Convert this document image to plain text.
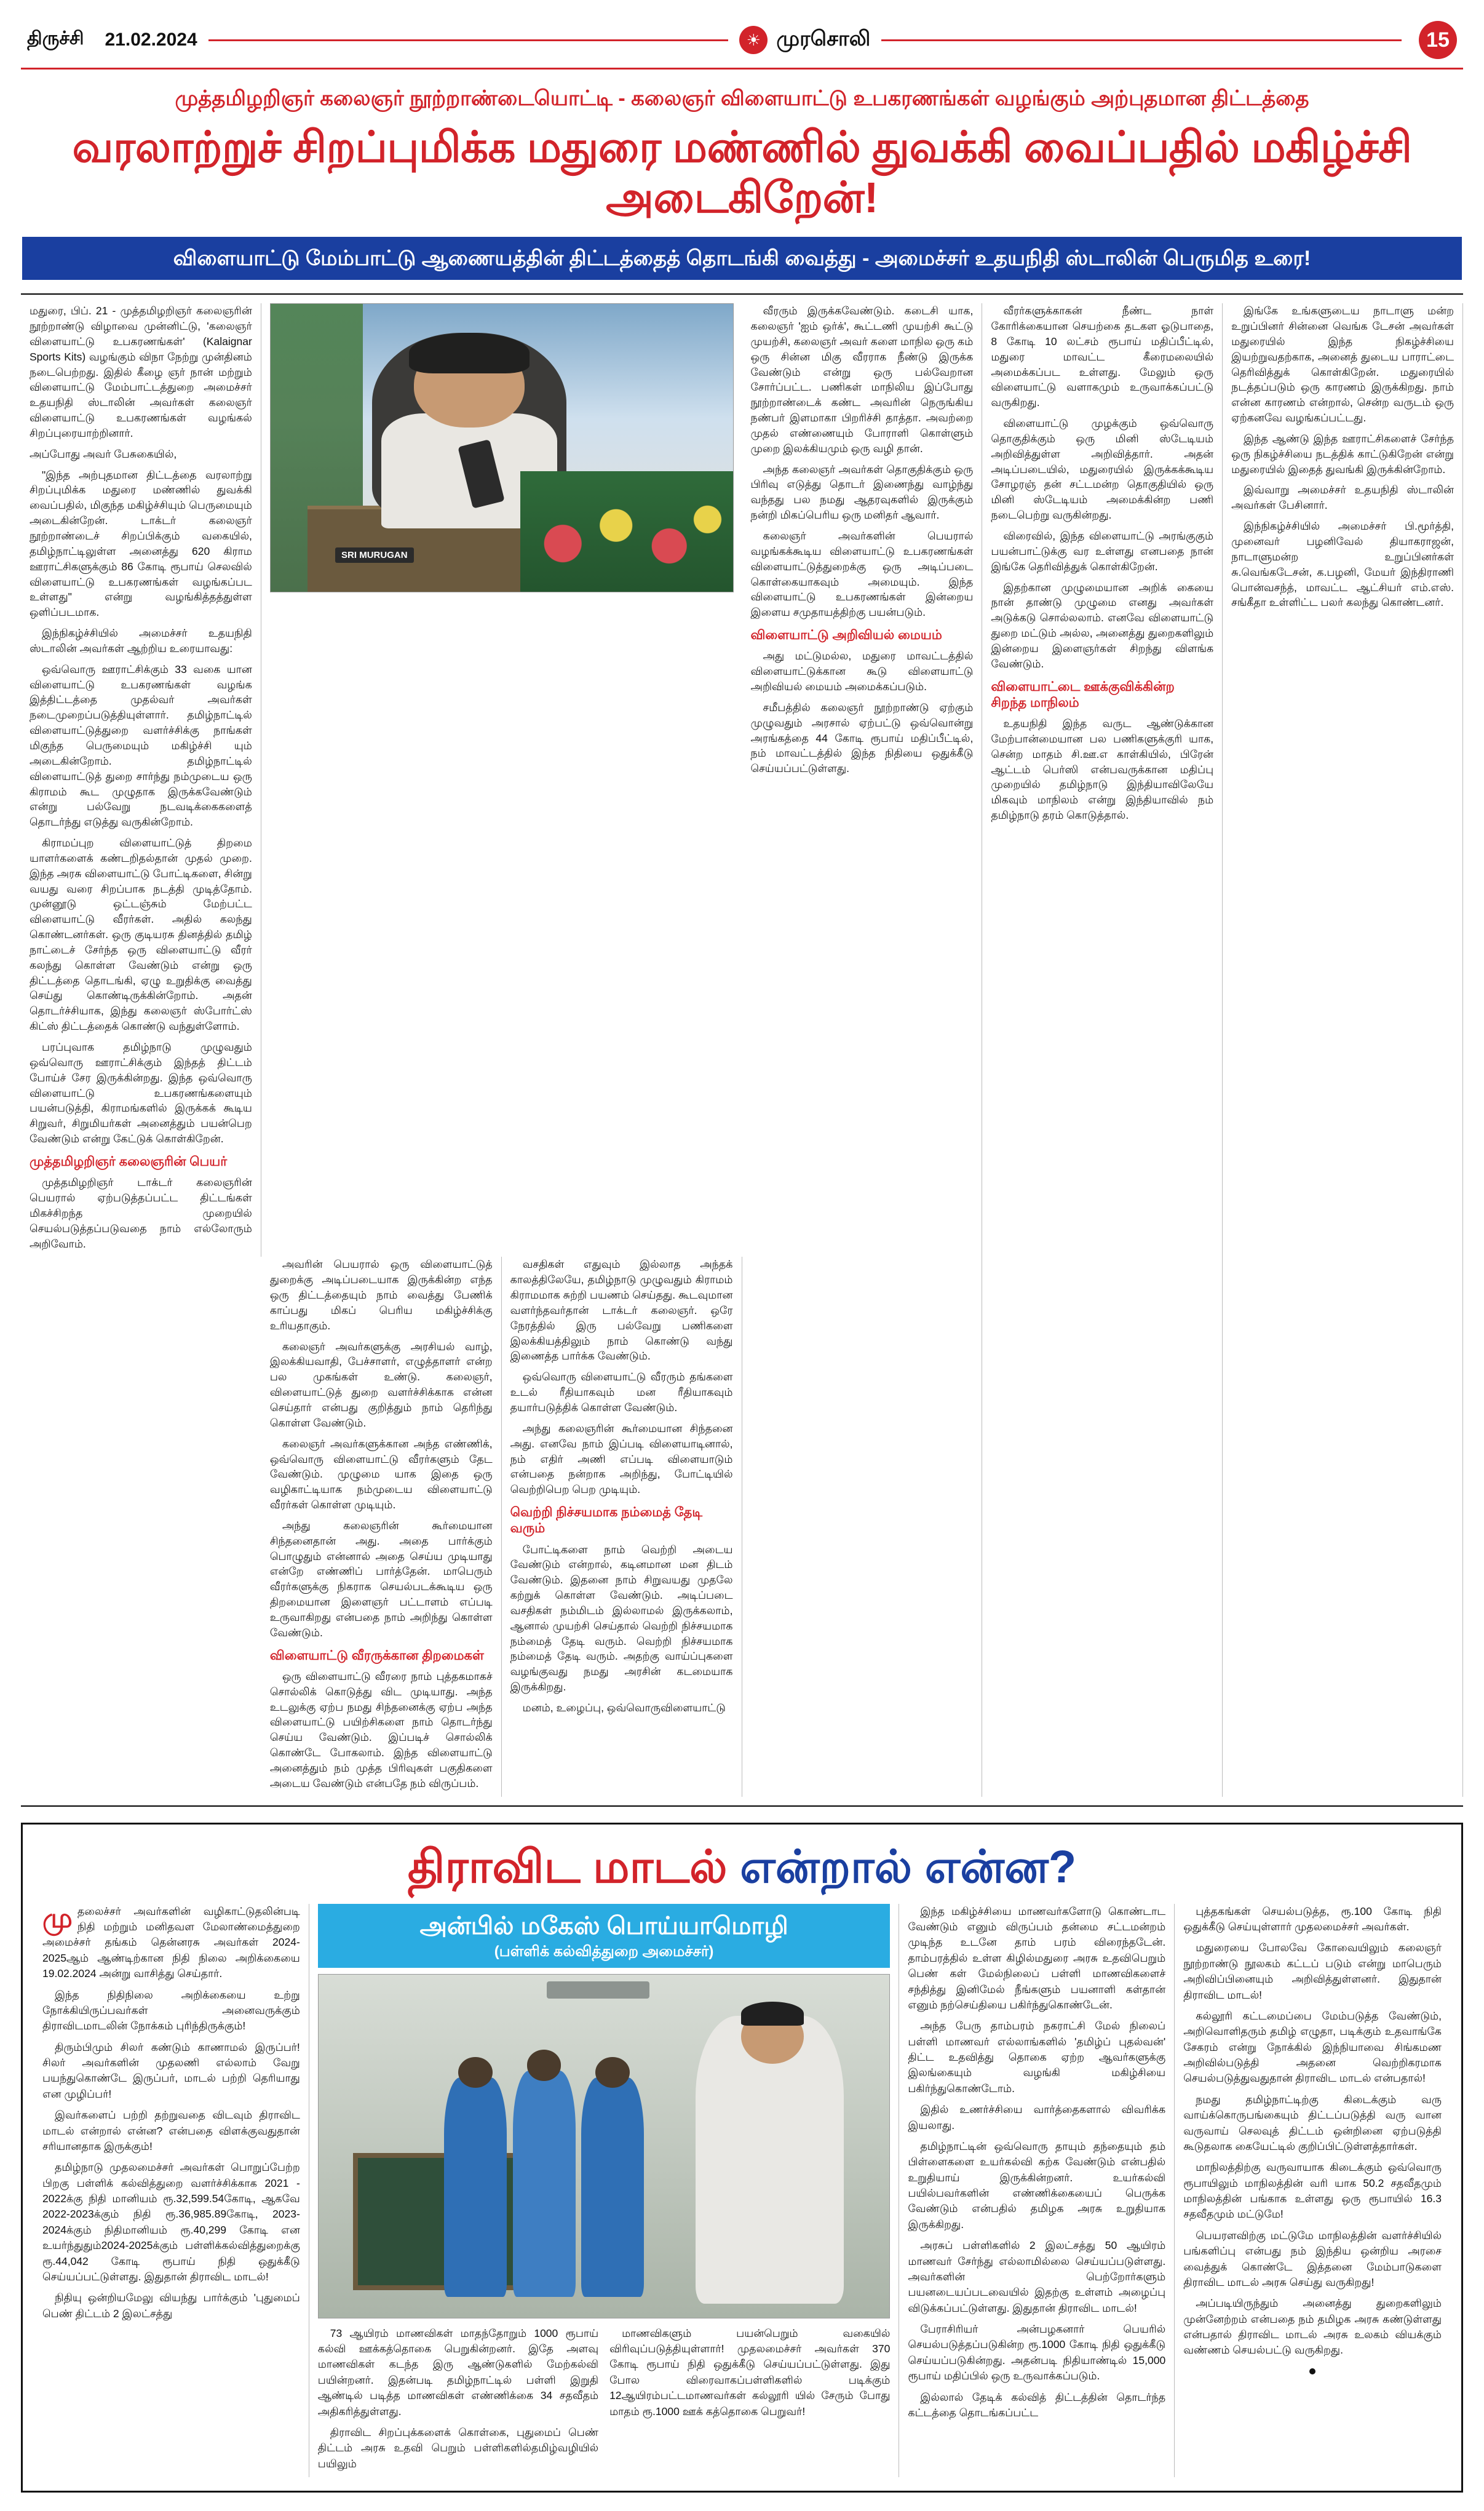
திருச்சி 21.02.2024	☀ முரசொலி	15
முத்தமிழறிஞர் கலைஞர் நூற்றாண்டையொட்டி - கலைஞர் விளையாட்டு உபகரணங்கள் வழங்கும் அற்புதமான திட்டத்தை
வரலாற்றுச் சிறப்புமிக்க மதுரை மண்ணில் துவக்கி வைப்பதில் மகிழ்ச்சி அடைகிறேன்!
விளையாட்டு மேம்பாட்டு ஆணையத்தின் திட்டத்தைத் தொடங்கி வைத்து - அமைச்சர் உதயநிதி ஸ்டாலின் பெருமித உரை!

மதுரை, பிப். 21 - முத்தமிழறிஞர் கலைஞரின் நூற்றாண்டு விழாவை முன்னிட்டு, 'கலைஞர் விளையாட்டு உபகரணங்கள்' (Kalaignar Sports Kits) வழங்கும் விநா நேற்று முன்தினம் நடைபெற்றது. இதில் கீழை ஞர் நான் மற்றும் விளையாட்டு மேம்பாட்டத்துறை அமைச்சர் உதயநிதி ஸ்டாலின் அவர்கள் கலைஞர் விளையாட்டு உபகரணங்கள் வழங்கல் சிறப்புரையாற்றினார்.

அப்போது அவர் பேசுகையில்,

"இந்த அற்புதமான திட்டத்தை வரலாற்று சிறப்புமிக்க மதுரை மண்ணில் துவக்கி வைப்பதில், மிகுந்த மகிழ்ச்சியும் பெருமையும் அடைகின்றேன். டாக்டர் கலைஞர் நூற்றாண்டைச் சிறப்பிக்கும் வகையில், தமிழ்நாட்டிலுள்ள அனைத்து 620 கிராம ஊராட்சிகளுக்கும் 86 கோடி ரூபாய் செலவில் விளையாட்டு உபகரணங்கள் வழங்கப்பட உள்ளது" என்று வழங்கித்தத்துள்ள ஒளிப்படமாக.

இந்நிகழ்ச்சியில் அமைச்சர் உதயநிதி ஸ்டாலின் அவர்கள் ஆற்றிய உரையாவது:

ஒவ்வொரு ஊராட்சிக்கும் 33 வகை யான விளையாட்டு உபகரணங்கள் வழங்க இத்திட்டத்தை முதல்வர் அவர்கள் நடைமுறைப்படுத்தியுள்ளார். தமிழ்நாட்டில் விளையாட்டுத்துறை வளர்ச்சிக்கு நாங்கள் மிகுந்த பெருமையும் மகிழ்ச்சி யும் அடைகின்றோம். தமிழ்நாட்டில் விளையாட்டுத் துறை சார்ந்து நம்முடைய ஒரு கிராமம் கூட முழுதாக இருக்கவேண்டும் என்று பல்வேறு நடவடிக்கைகளைத் தொடர்ந்து எடுத்து வருகின்றோம்.

கிராமப்புற விளையாட்டுத் திறமை யாளர்களைக் கண்டறிதல்தான் முதல் முறை. இந்த அரசு விளையாட்டு போட்டிகளை, சின்று வயது வரை சிறப்பாக நடத்தி முடித்தோம். முன்னூடு ஒட்டஞ்சும் மேற்பட்ட விளையாட்டு வீரர்கள். அதில் கலந்து கொண்டனர்கள். ஒரு குடியரசு தினத்தில் தமிழ் நாட்டைச் சேர்ந்த ஒரு விளையாட்டு வீரர் கலந்து கொள்ள வேண்டும் என்று ஒரு திட்டத்தை தொடங்கி, ஏழு உறுதிக்கு வைத்து செய்து கொண்டிருக்கின்றோம். அதன் தொடர்ச்சியாக, இந்து கலைஞர் ஸ்போர்ட்ஸ் கிட்ஸ் திட்டத்தைக் கொண்டு வந்துள்ளோம்.

பரப்புவாக தமிழ்நாடு முழுவதும் ஒவ்வொரு ஊராட்சிக்கும் இந்தத் திட்டம் போய்ச் சேர இருக்கின்றது. இந்த ஒவ்வொரு விளையாட்டு உபகரணங்களையும் பயன்படுத்தி, கிராமங்களில் இருக்கக் கூடிய சிறுவர், சிறுமியர்கள் அனைத்தும் பயன்பெற வேண்டும் என்று கேட்டுக் கொள்கிறேன்.

முத்தமிழறிஞர் கலைஞரின் பெயர்

முத்தமிழறிஞர் டாக்டர் கலைஞரின் பெயரால் ஏற்படுத்தப்பட்ட திட்டங்கள் மிகச்சிறந்த முறையில் செயல்படுத்தப்படுவதை நாம் எல்லோரும் அறிவோம்.

SRI MURUGAN

அவரின் பெயரால் ஒரு விளையாட்டுத் துறைக்கு அடிப்படையாக இருக்கின்ற எந்த ஒரு திட்டத்தையும் நாம் வைத்து பேணிக் காப்பது மிகப் பெரிய மகிழ்ச்சிக்கு உரியதாகும்.

கலைஞர் அவர்களுக்கு அரசியல் வாழ், இலக்கியவாதி, பேச்சாளர், எழுத்தாளர் என்ற பல முகங்கள் உண்டு. கலைஞர், விளையாட்டுத் துறை வளர்ச்சிக்காக என்ன செய்தார் என்பது குறித்தும் நாம் தெரிந்து கொள்ள வேண்டும்.

கலைஞர் அவர்களுக்கான அந்த எண்ணிக், ஒவ்வொரு விளையாட்டு வீரர்களும் தேட வேண்டும். முழுமை யாக இதை ஒரு வழிகாட்டியாக நம்முடைய விளையாட்டு வீரர்கள் கொள்ள முடியும்.

அந்து கலைஞரின் கூர்மையான சிந்தனைதான் அது. அதை பார்க்கும் பொழுதும் என்னால் அதை செய்ய முடியாது என்றே எண்ணிப் பார்த்தேன். மாபெரும் வீரர்களுக்கு நிகராக செயல்படக்கூடிய ஒரு திறமையான இளைஞர் பட்டாளம் எப்படி உருவாகிறது என்பதை நாம் அறிந்து கொள்ள வேண்டும்.

விளையாட்டு வீரருக்கான திறமைகள்

ஒரு விளையாட்டு வீரரை நாம் புத்தகமாகச் சொல்லிக் கொடுத்து விட முடியாது. அந்த உடலுக்கு ஏற்ப நமது சிந்தனைக்கு ஏற்ப அந்த விளையாட்டு பயிற்சிகளை நாம் தொடர்ந்து செய்ய வேண்டும். இப்படிச் சொல்லிக் கொண்டே போகலாம். இந்த விளையாட்டு அனைத்தும் நம் முத்த பிரிவுகள் பகுதிகளை அடைய வேண்டும் என்பதே நம் விருப்பம்.

வசதிகள் எதுவும் இல்லாத அந்தக் காலத்திலேயே, தமிழ்நாடு முழுவதும் கிராமம் கிராமமாக சுற்றி பயணம் செய்தது. கூடவுமான வளர்ந்தவர்தான் டாக்டர் கலைஞர். ஒரே நேரத்தில் இரு பல்வேறு பணிகளை இலக்கியத்திலும் நாம் கொண்டு வந்து இணைத்த பார்க்க வேண்டும்.

ஒவ்வொரு விளையாட்டு வீரரும் தங்களை உடல் ரீதியாகவும் மன ரீதியாகவும் தயார்படுத்திக் கொள்ள வேண்டும்.

அந்து கலைஞரின் கூர்மையான சிந்தனை அது. எனவே நாம் இப்படி விளையாடினால், நம் எதிர் அணி எப்படி விளையாடும் என்பதை நன்றாக அறிந்து, போட்டியில் வெற்றிபெற பெற முடியும்.

வெற்றி நிச்சயமாக நம்மைத் தேடி வரும்

போட்டிகளை நாம் வெற்றி அடைய வேண்டும் என்றால், கடினமான மன திடம் வேண்டும். இதனை நாம் சிறுவயது முதலே கற்றுக் கொள்ள வேண்டும். அடிப்படை வசதிகள் நம்மிடம் இல்லாமல் இருக்கலாம், ஆனால் முயற்சி செய்தால் வெற்றி நிச்சயமாக நம்மைத் தேடி வரும். வெற்றி நிச்சயமாக நம்மைத் தேடி வரும். அதற்கு வாய்ப்புகளை வழங்குவது நமது அரசின் கடமையாக இருக்கிறது.

மனம், உழைப்பு, ஒவ்வொருவிளையாட்டு

வீரரும் இருக்கவேண்டும். கடைசி யாக, கலைஞர் 'ஐம் ஒர்க்', கூட்டணி முயற்சி கூட்டு முயற்சி, கலைஞர் அவர் களை மாநில ஒரு கம் ஒரு சின்ன மிகு வீரராக நீண்டு இருக்க வேண்டும் என்று ஒரு பல்வேறான சோர்ப்பட்ட. பணிகள் மாநிலிய இப்போது நூற்றாண்டைக் கண்ட அவரின் நெருங்கிய நண்பர் இளமாகா பிறரிச்சி தாத்தா. அவற்றை முதல் எண்ணையும் போராளி கொள்ளும் முறை இலக்கியமும் ஒரு வழி தான்.

அந்த கலைஞர் அவர்கள் தொகுதிக்கும் ஒரு பிரிவு எடுத்து தொடர் இணைந்து வாழ்ந்து வந்தது பல நமது ஆதரவுகளில் இருக்கும் நன்றி மிகப்பெரிய ஒரு மனிதர் ஆவார்.

கலைஞர் அவர்களின் பெயரால் வழங்கக்கூடிய விளையாட்டு உபகரணங்கள் விளையாட்டுத்துறைக்கு ஒரு அடிப்படை கொள்கையாகவும் அமையும். இந்த விளையாட்டு உபகரணங்கள் இன்றைய இளைய சமுதாயத்திற்கு பயன்படும்.

விளையாட்டு அறிவியல் மையம்

அது மட்டுமல்ல, மதுரை மாவட்டத்தில் விளையாட்டுக்கான கூடு விளையாட்டு அறிவியல் மையம் அமைக்கப்படும்.

சமீபத்தில் கலைஞர் நூற்றாண்டு ஏற்கும் முழுவதும் அரசால் ஏற்பட்டு ஒவ்வொன்று அரங்கத்தை 44 கோடி ரூபாய் மதிப்பீட்டில், நம் மாவட்டத்தில் இந்த நிதியை ஒதுக்கீடு செய்யப்பட்டுள்ளது.

வீரர்களுக்காகன் நீண்ட நாள் கோரிக்கையான செயற்கை தடகள ஓடுபாதை, 8 கோடி 10 லட்சம் ரூபாய் மதிப்பீட்டில், மதுரை மாவட்ட கீரைமலையில் அமைக்கப்பட உள்ளது. மேலும் ஒரு விளையாட்டு வளாகமும் உருவாக்கப்பட்டு வருகிறது.

விளையாட்டு முழக்கும் ஒவ்வொரு தொகுதிக்கும் ஒரு மினி ஸ்டேடியம் அறிவித்துள்ள அறிவித்தார். அதன் அடிப்படையில், மதுரையில் இருக்கக்கூடிய சோழரஞ் தன் சட்டமன்ற தொகுதியில் ஒரு மினி ஸ்டேடியம் அமைக்கின்ற பணி நடைபெற்று வருகின்றது.

விரைவில், இந்த விளையாட்டு அரங்குகும் பயன்பாட்டுக்கு வர உள்ளது எனபதை நான் இங்கே தெரிவித்துக் கொள்கிறேன்.

இதற்கான முழுமையான அறிக் கையை நான் தாண்டு முழுமை எனது அவர்கள் அடுக்கடு சொல்லலாம். எனவே விளையாட்டு துறை மட்டும் அல்ல, அனைத்து துறைகளிலும் இன்றைய இளைஞர்கள் சிறந்து விளங்க வேண்டும்.

விளையாட்டை ஊக்குவிக்கின்ற சிறந்த மாநிலம்

உதயநிதி இந்த வருட ஆண்டுக்கான மேற்பான்மையான பல பணிகளுக்குரி யாக, சென்ற மாதம் சி.ஊ.எ காள்கியில், பிரேன் ஆட்டம் பெர்ஸி என்பவருக்கான மதிப்பு முறையில் தமிழ்நாடு இந்தியாவிலேயே மிகவும் மாநிலம் என்று இந்தியாவில் நம் தமிழ்நாடு தரம் கொடுத்தால்.

இங்கே உங்களுடைய நாடாளு மன்ற உறுப்பினர் சின்னை வெங்க டேசன் அவர்கள் மதுரையில் இந்த நிகழ்ச்சியை இயற்றுவதற்காக, அனைத் துடைய பாராட்டை தெரிவித்துக் கொள்கிறேன். மதுரையில் நடத்தப்படும் ஒரு காரணம் இருக்கிறது. நாம் என்ன காரணம் என்றால், சென்ற வருடம் ஒரு ஏற்கனவே வழங்கப்பட்டது.

இந்த ஆண்டு இந்த ஊராட்சிகளைச் சேர்ந்த ஒரு நிகழ்ச்சியை நடத்திக் காட்டுகிறேன் என்று மதுரையில் இதைத் துவங்கி இருக்கின்றோம்.

இவ்வாறு அமைச்சர் உதயநிதி ஸ்டாலின் அவர்கள் பேசினார்.

இந்நிகழ்ச்சியில் அமைச்சர் பி.மூர்த்தி, முனைவர் பழனிவேல் தியாகராஜன், நாடாளுமன்ற உறுப்பினர்கள் சு.வெங்கடேசன், க.பழனி, மேயர் இந்திராணி பொன்வசந்த், மாவட்ட ஆட்சியர் எம்.எஸ். சங்கீதா உள்ளிட்ட பலர் கலந்து கொண்டனர்.

திராவிட மாடல் என்றால் என்ன?

முதலைச்சர் அவர்களின் வழிகாட்டுதலின்படி நிதி மற்றும் மனிதவள மேலாண்மைத்துறை அமைச்சர் தங்கம் தென்னரசு அவர்கள் 2024-2025ஆம் ஆண்டிற்கான நிதி நிலை அறிக்கையை 19.02.2024 அன்று வாசித்து செய்தார்.

இந்த நிதிநிலை அறிக்கையை உற்று நோக்கியிருப்பவர்கள் அனைவருக்கும் திராவிடமாடலின் நோக்கம் புரிந்திருக்கும்!

திரும்பிமும் சிலர் கண்டும் காணாமல் இருப்பர்! சிலர் அவர்களின் முதலணி எல்லாம் வேறு பயந்துகொண்டே இருப்பர், மாடல் பற்றி தெரியாது என முழிப்பர்!

இவர்களைப் பற்றி தற்றுவதை விடவும் திராவிட மாடல் என்றால் என்ன? என்பதை விளக்குவதுதான் சரியானதாக இருக்கும்!

தமிழ்நாடு முதலமைச்சர் அவர்கள் பொறுப்பேற்ற பிறகு பள்ளிக் கல்வித்துறை வளர்ச்சிக்காக 2021 - 2022க்கு நிதி மானியம் ரூ.32,599.54கோடி, ஆகவே 2022-2023க்கும் நிதி ரூ.36,985.89கோடி, 2023-2024க்கும் நிதிமானியம் ரூ.40,299 கோடி என உயர்ந்துதும்2024-2025க்கும் பள்ளிக்கல்வித்துறைக்கு ரூ.44,042 கோடி ரூபாய் நிதி ஒதுக்கீடு செய்யப்பட்டுள்ளது. இதுதான் திராவிட மாடல்!

நிதியு ஒன்றியமேலு வியந்து பார்க்கும் 'புதுமைப் பெண் திட்டம் 2 இலட்சத்து

அன்பில் மகேஸ் பொய்யாமொழி
(பள்ளிக் கல்வித்துறை அமைச்சர்)

73 ஆயிரம் மாணவிகள் மாதந்தோறும் 1000 ரூபாய் கல்வி ஊக்கத்தொகை பெறுகின்றனர். இதே அளவு மாணவிகள் கடந்த இரு ஆண்டுகளில் மேற்கல்வி பயின்றனர். இதன்படி தமிழ்நாட்டில் பள்ளி இறுதி ஆண்டில் படித்த மாணவிகள் எண்ணிக்கை 34 சதவீதம் அதிகரித்துள்ளது.

திராவிட சிறப்புக்களைக் கொள்கை, புதுமைப் பெண் திட்டம் அரசு உதவி பெறும் பள்ளிகளில்தமிழ்வழியில் பயிலும்

மாணவிகளும் பயன்பெறும் வகையில் விரிவுப்படுத்தியுள்ளார்! முதலமைச்சர் அவர்கள் 370 கோடி ரூபாய் நிதி ஒதுக்கீடு செய்யப்பட்டுள்ளது. இது போல விரைவாகப்பள்ளிகளில் படிக்கும் 12ஆயிரம்பட்டமாணவர்கள் கல்லூரி யில் சேரும் போது மாதம் ரூ.1000 ஊக் கத்தொகை பெறுவர்!

இந்த மகிழ்ச்சியை மாணவர்களோடு கொண்டாட வேண்டும் எனும் விருப்பம் தன்மை சட்டமன்றம் முடிந்த உடனே தாம் பரம் விரைந்தடேன். தாம்பரத்தில் உள்ள கிழில்மதுரை அரசு உதவிபெறும் பெண் கள் மேல்நிலைப் பள்ளி மாணவிகளைச் சந்தித்து இனிமேல் நீங்களும் பயனாளி கள்தான் எனும் நற்செய்தியை பகிர்ந்துகொண்டேன்.

அந்த பேரு தாம்பரம் நகராட்சி மேல் நிலைப் பள்ளி மாணவர் எல்லாங்களில் 'தமிழ்ப் புதல்வன்' திட்ட உதவித்து தொகை ஏற்ற ஆவர்களுக்கு இலங்கையும் வழங்கி மகிழ்சியை பகிர்ந்துகொண்டோம்.

இதில் உணர்ச்சியை வார்த்தைகளால் விவரிக்க இயலாது.

தமிழ்நாட்டின் ஒவ்வொரு தாயும் தந்தையும் தம் பிள்ளைகளை உயர்கல்வி கற்க வேண்டும் என்பதில் உறுதியாய் இருக்கின்றனர். உயர்கல்வி பயில்பவர்களின் எண்ணிக்கையைப் பெருக்க வேண்டும் என்பதில் தமிழக அரசு உறுதியாக இருக்கிறது.

அரசுப் பள்ளிகளில் 2 இலட்சத்து 50 ஆயிரம் மாணவர் சேர்ந்து எல்லாமில்லை செய்யப்படுள்ளது. அவர்களின் பெற்றோர்களும் பயனடையப்படவையில் இதற்கு உள்ளம் அழைப்பு விடுக்கப்பட்டுள்ளது. இதுதான் திராவிட மாடல்!

பேராசிரியர் அன்பழகனார் பெயரில் செயல்படுத்தப்படுகின்ற ரூ.1000 கோடி நிதி ஒதுக்கீடு செய்யப்படுகின்றது. அதன்படி நிதியாண்டில் 15,000 ரூபாய் மதிப்பில் ஒரு உருவாக்கப்படும்.

இல்லால் தேடிக் கல்வித் திட்டத்தின் தொடர்ந்த கட்டத்தை தொடங்கப்பட்ட

புத்தகங்கள் செயல்படுத்த, ரூ.100 கோடி நிதி ஒதுக்கீடு செய்யுள்ளார் முதலமைச்சர் அவர்கள்.

மதுரையை போலவே கோவையிலும் கலைஞர் நூற்றாண்டு நூலகம் கட்டப் படும் என்று மாபெரும் அறிவிப்பினையும் அறிவித்துள்ளனர். இதுதான் திராவிட மாடல்!

கல்லூரி கட்டமைப்பை மேம்படுத்த வேண்டும், அறிவொளிதரும் தமிழ் எழுதா, படிக்கும் உதவாங்கே சேகரம் என்று நோக்கில் இந்நியாவை சிங்கமண அறிவில்படுத்தி அதனை வெற்றிகரமாக செயல்படுத்துவதுதான் திராவிட மாடல் என்பதால்!

நமது தமிழ்நாட்டிற்கு கிடைக்கும் வரு வாய்க்கொருபங்கையும் திட்டப்படுத்தி வரு வான வருவாய் செலவுத் திட்டம் ஒன்றினை ஏற்படுத்தி கூடுதலாக கையேட்டில் குறிப்பிட்டுள்ளத்தார்கள்.

மாநிலத்திற்கு வருவாயாக கிடைக்கும் ஒவ்வொரு ரூபாயிலும் மாநிலத்தின் வரி யாக 50.2 சதவீதமும் மாநிலத்தின் பங்காக உள்ளது ஒரு ரூபாயில் 16.3 சதவீதமும் மட்டுமே!

பெயரளவிற்கு மட்டுமே மாநிலத்தின் வளர்ச்சியில் பங்களிப்பு என்பது நம் இந்திய ஒன்றிய அரசை வைத்துக் கொண்டே இத்தனை மேம்பாடுகளை திராவிட மாடல் அரசு செய்து வருகிறது!

அப்படியிருந்தும் அனைத்து துறைகளிலும் முன்னேற்றம் என்பதை நம் தமிழக அரசு கண்டுள்ளது என்பதால் திராவிட மாடல் அரசு உலகம் வியக்கும் வண்ணம் செயல்பட்டு வருகிறது.
